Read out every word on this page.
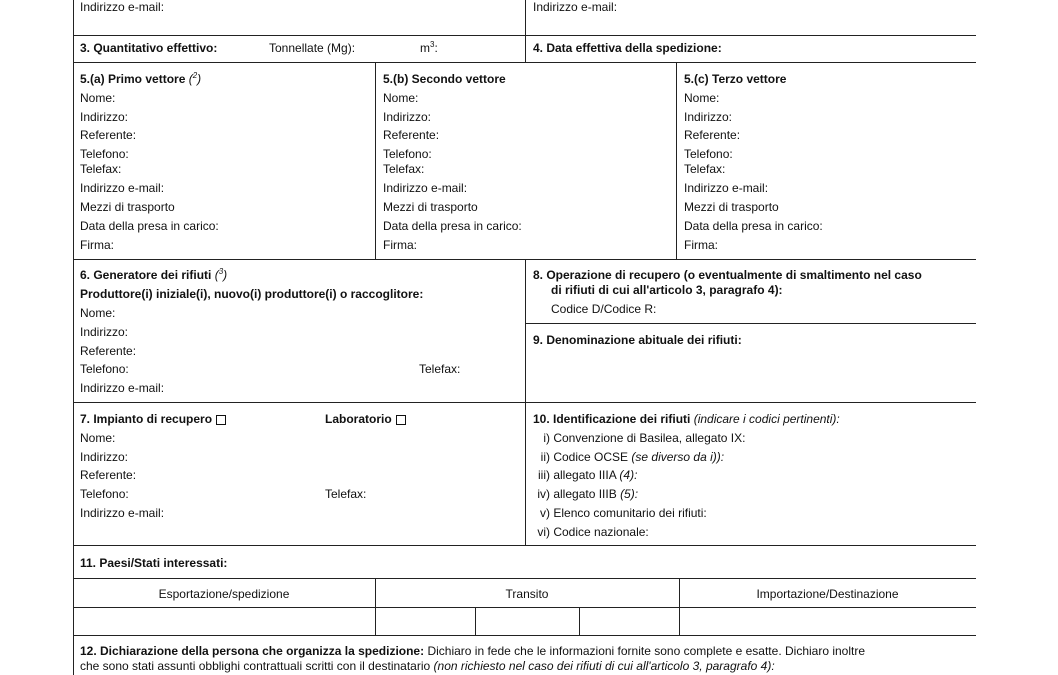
Indirizzo e-mail:	Indirizzo e-mail:
3. Quantitativo effettivo:	Tonnellate (Mg):	$m^3$:	4. Data effettiva della spedizione:
5.(a) Primo vettore ($^2$)
Nome:
Indirizzo:
Referente:
Telefono:
Telefax:
Indirizzo e-mail:
Mezzi di trasporto
Data della presa in carico:
Firma:
5.(b) Secondo vettore
Nome:
Indirizzo:
Referente:
Telefono:
Telefax:
Indirizzo e-mail:
Mezzi di trasporto
Data della presa in carico:
Firma:
5.(c) Terzo vettore
Nome:
Indirizzo:
Referente:
Telefono:
Telefax:
Indirizzo e-mail:
Mezzi di trasporto
Data della presa in carico:
Firma:
6. Generatore dei rifiuti ($^3$)
Produttore(i) iniziale(i), nuovo(i) produttore(i) o raccoglitore:
Nome:
Indirizzo:
Referente:
Telefono:	Telefax:
Indirizzo e-mail:
8. Operazione di recupero (o eventualmente di smaltimento nel caso
di rifiuti di cui all'articolo 3, paragrafo 4):
Codice D/Codice R:
9. Denominazione abituale dei rifiuti:
7. Impianto di recupero	Laboratorio
Nome:
Indirizzo:
Referente:
Telefono:	Telefax:
Indirizzo e-mail:
10. Identificazione dei rifiuti (indicare i codici pertinenti):
i) Convenzione di Basilea, allegato IX:
ii) Codice OCSE (se diverso da i)):
iii) allegato IIIA (4):
iv) allegato IIIB (5):
v) Elenco comunitario dei rifiuti:
vi) Codice nazionale:
11. Paesi/Stati interessati:
Esportazione/spedizione	Transito	Importazione/Destinazione
12. Dichiarazione della persona che organizza la spedizione: Dichiaro in fede che le informazioni fornite sono complete e esatte. Dichiaro inoltre
che sono stati assunti obblighi contrattuali scritti con il destinatario (non richiesto nel caso dei rifiuti di cui all'articolo 3, paragrafo 4):
